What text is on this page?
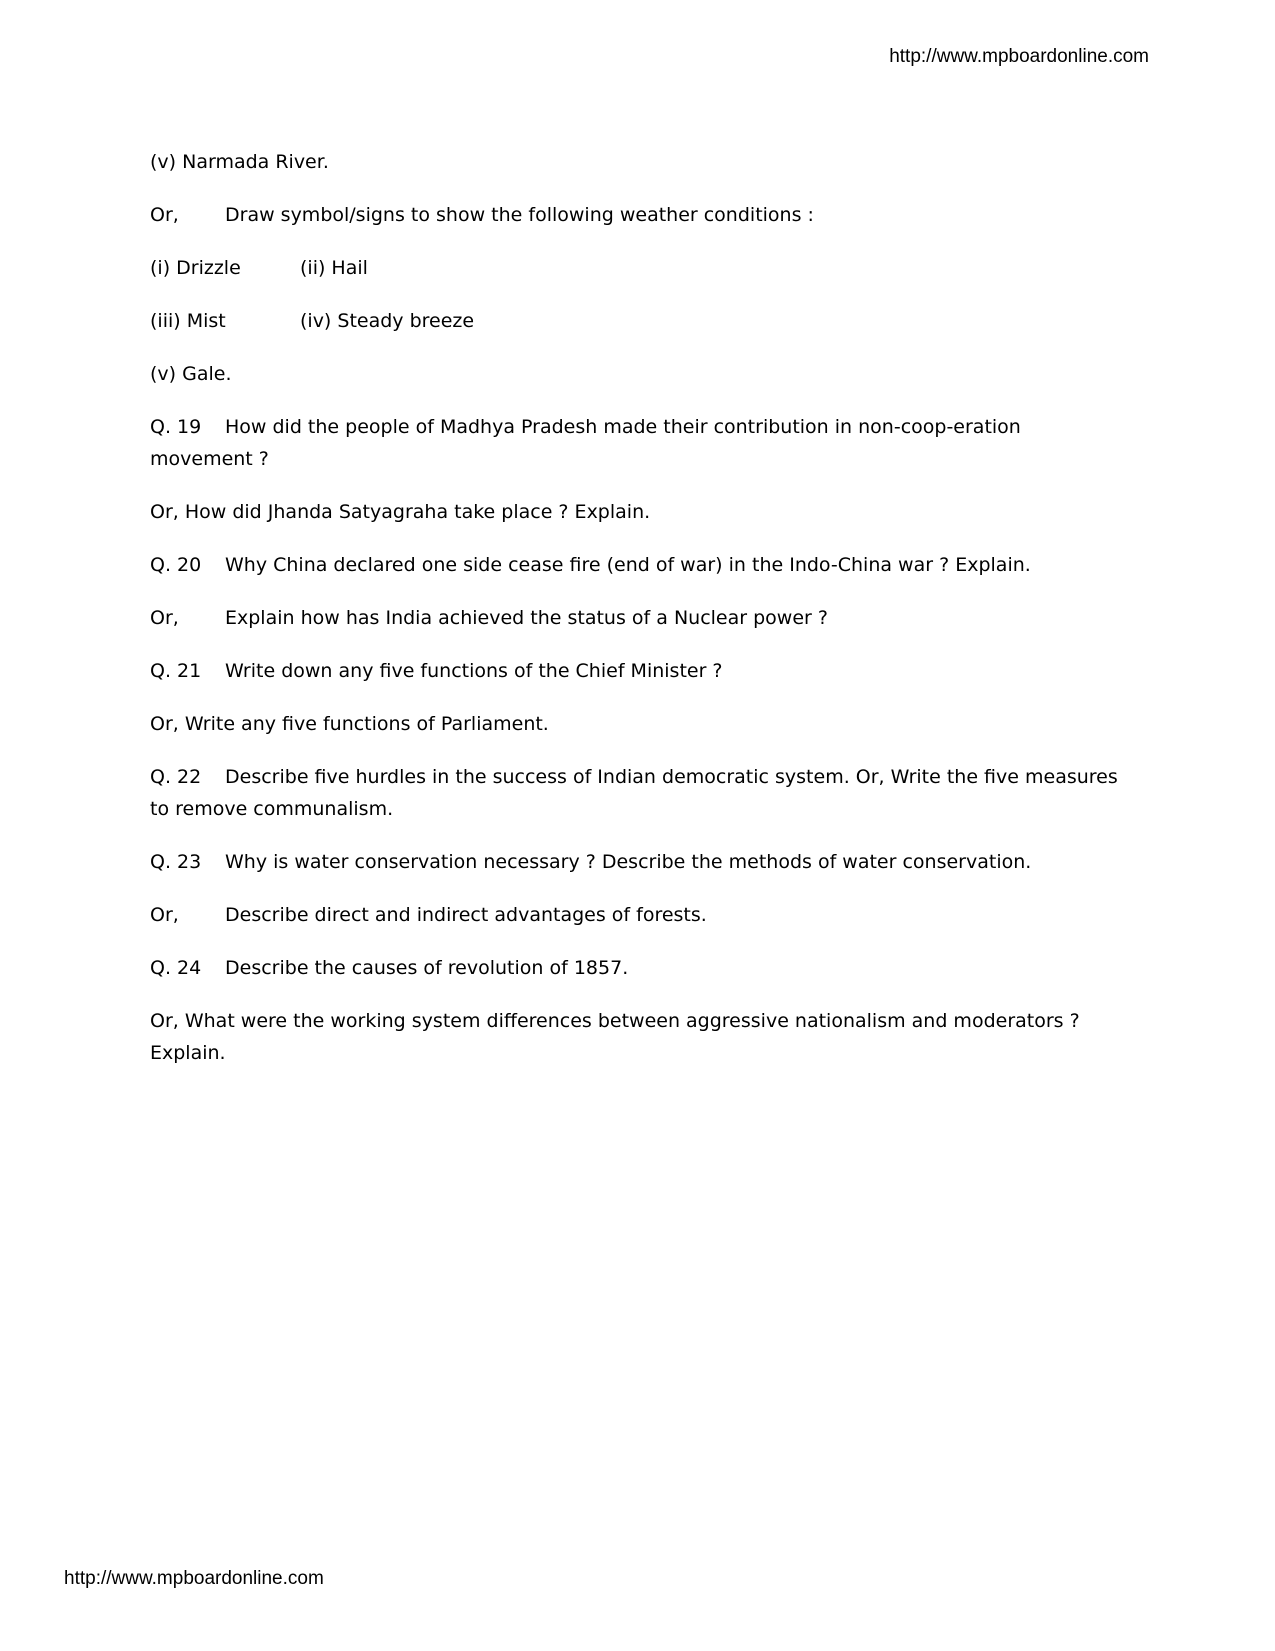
http://www.mpboardonline.com

(v) Narmada River.

Or, Draw symbol/signs to show the following weather conditions :

(i) Drizzle	(ii) Hail

(iii) Mist	(iv) Steady breeze

(v) Gale.

Q. 19 How did the people of Madhya Pradesh made their contribution in non-coop-eration movement ?

Or, How did Jhanda Satyagraha take place ? Explain.

Q. 20 Why China declared one side cease fire (end of war) in the Indo-China war ? Explain.

Or, Explain how has India achieved the status of a Nuclear power ?

Q. 21 Write down any five functions of the Chief Minister ?

Or, Write any five functions of Parliament.

Q. 22 Describe five hurdles in the success of Indian democratic system. Or, Write the five measures to remove communalism.

Q. 23 Why is water conservation necessary ? Describe the methods of water conservation.

Or, Describe direct and indirect advantages of forests.

Q. 24 Describe the causes of revolution of 1857.

Or, What were the working system differences between aggressive nationalism and moderators ? Explain.

http://www.mpboardonline.com
